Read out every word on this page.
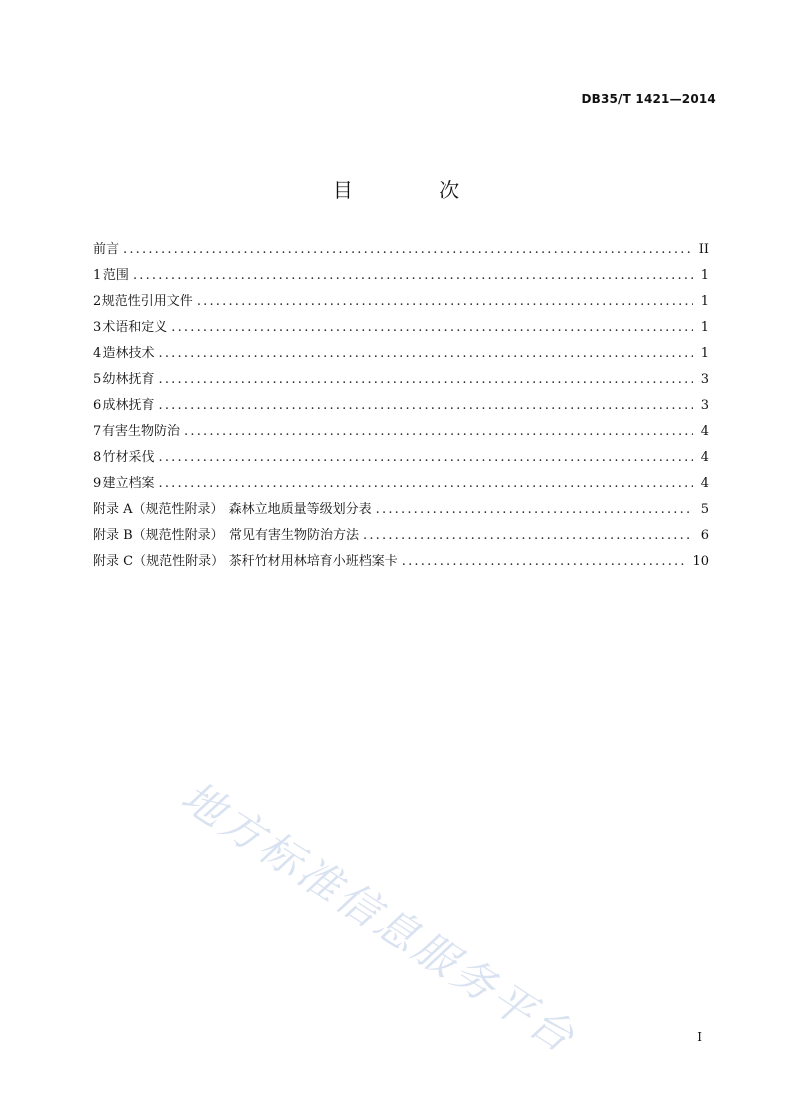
DB35/T 1421—2014
目 次
前言 .....	II
1 范围 .....	1
2 规范性引用文件 .....	1
3 术语和定义 .....	1
4 造林技术 .....	1
5 幼林抚育 .....	3
6 成林抚育 .....	3
7 有害生物防治 .....	4
8 竹材采伐 .....	4
9 建立档案 .....	4
附录 A（规范性附录） 森林立地质量等级划分表 .....	5
附录 B（规范性附录） 常见有害生物防治方法 .....	6
附录 C（规范性附录） 茶秆竹材用林培育小班档案卡 .....	10
地方标准信息服务平台	I
